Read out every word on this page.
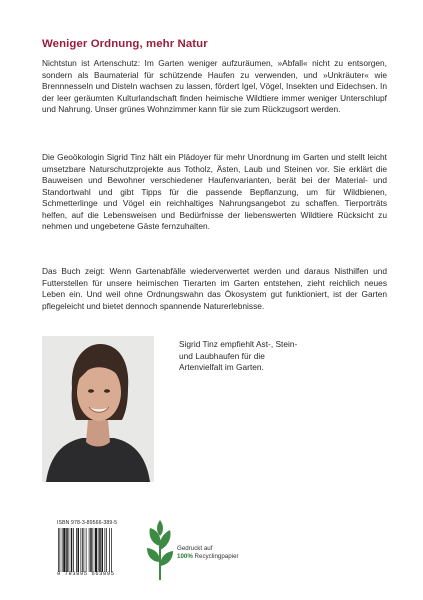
Weniger Ordnung, mehr Natur

Nichtstun ist Artenschutz: Im Garten weniger aufzuräumen, »Abfall« nicht zu entsorgen, sondern als Baumaterial für schützende Haufen zu verwenden, und »Unkräuter« wie Brennnesseln und Disteln wachsen zu lassen, fördert Igel, Vögel, Insekten und Eidechsen. In der leer geräumten Kulturlandschaft finden heimische Wildtiere immer weniger Unterschlupf und Nahrung. Unser grünes Wohnzimmer kann für sie zum Rückzugsort werden.

Die Geoökologin Sigrid Tinz hält ein Plädoyer für mehr Unordnung im Garten und stellt leicht umsetzbare Naturschutzprojekte aus Totholz, Ästen, Laub und Steinen vor. Sie erklärt die Bauweisen und Bewohner verschiedener Haufenvarianten, berät bei der Material- und Standortwahl und gibt Tipps für die passende Bepflanzung, um für Wildbienen, Schmetterlinge und Vögel ein reichhaltiges Nahrungsangebot zu schaffen. Tierporträts helfen, auf die Lebensweisen und Bedürfnisse der liebenswerten Wildtiere Rücksicht zu nehmen und ungebetene Gäste fernzuhalten.

Das Buch zeigt: Wenn Gartenabfälle wiederverwertet werden und daraus Nisthilfen und Futterstellen für unsere heimischen Tierarten im Garten entstehen, zieht reichlich neues Leben ein. Und weil ohne Ordnungswahn das Ökosystem gut funktioniert, ist der Garten pflegeleicht und bietet dennoch spannende Naturerlebnisse.

Sigrid Tinz empfiehlt Ast-, Stein- und Laubhaufen für die Artenvielfalt im Garten.
ISBN 978-3-89566-389-5
9 783895 663895
Gedruckt auf
100% Recyclingpapier
